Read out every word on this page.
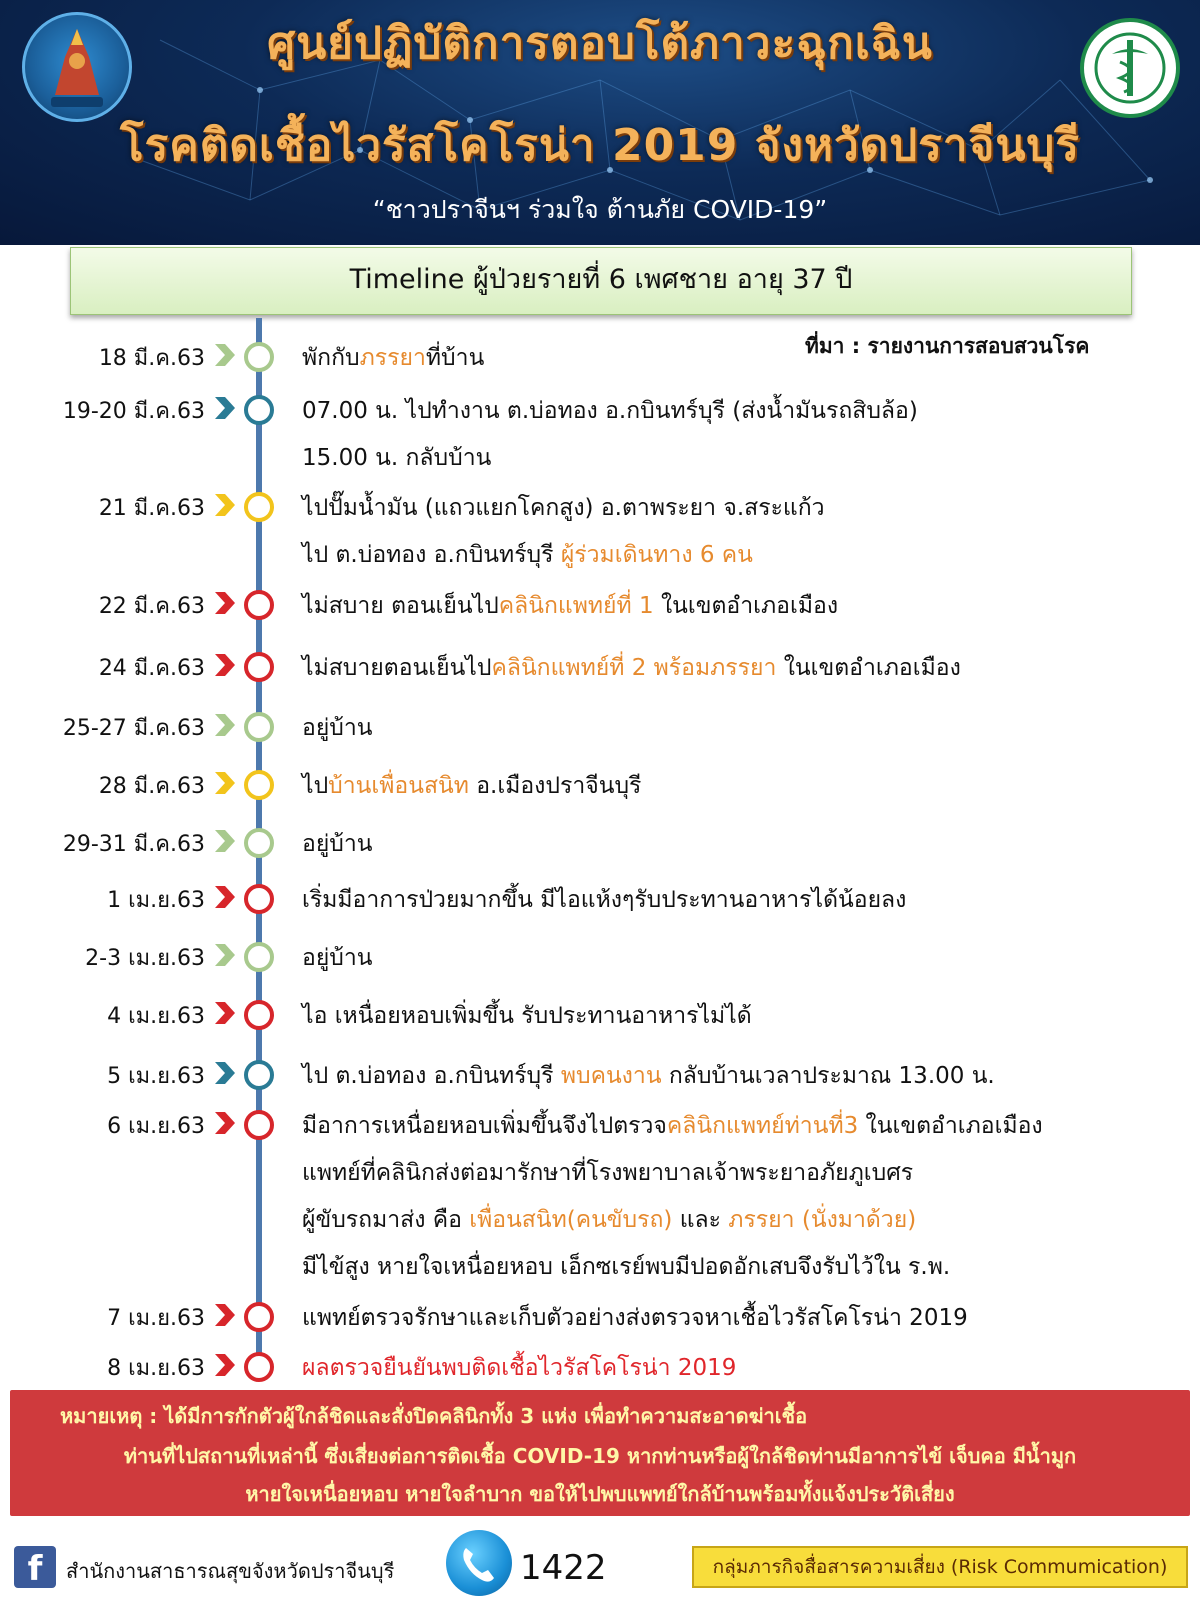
ศูนย์ปฏิบัติการตอบโต้ภาวะฉุกเฉิน
โรคติดเชื้อไวรัสโคโรน่า 2019 จังหวัดปราจีนบุรี
“ชาวปราจีนฯ ร่วมใจ ต้านภัย COVID-19”
Timeline ผู้ป่วยรายที่ 6 เพศชาย อายุ 37 ปี
ที่มา : รายงานการสอบสวนโรค
18 มี.ค.63	พักกับภรรยาที่บ้าน
19-20 มี.ค.63	07.00 น. ไปทำงาน ต.บ่อทอง อ.กบินทร์บุรี (ส่งน้ำมันรถสิบล้อ)
15.00 น. กลับบ้าน
21 มี.ค.63	ไปปั๊มน้ำมัน (แถวแยกโคกสูง) อ.ตาพระยา จ.สระแก้ว
ไป ต.บ่อทอง อ.กบินทร์บุรี ผู้ร่วมเดินทาง 6 คน
22 มี.ค.63	ไม่สบาย ตอนเย็นไปคลินิกแพทย์ที่ 1 ในเขตอำเภอเมือง
24 มี.ค.63	ไม่สบายตอนเย็นไปคลินิกแพทย์ที่ 2 พร้อมภรรยา ในเขตอำเภอเมือง
25-27 มี.ค.63	อยู่บ้าน
28 มี.ค.63	ไปบ้านเพื่อนสนิท อ.เมืองปราจีนบุรี
29-31 มี.ค.63	อยู่บ้าน
1 เม.ย.63	เริ่มมีอาการป่วยมากขึ้น มีไอแห้งๆรับประทานอาหารได้น้อยลง
2-3 เม.ย.63	อยู่บ้าน
4 เม.ย.63	ไอ เหนื่อยหอบเพิ่มขึ้น รับประทานอาหารไม่ได้
5 เม.ย.63	ไป ต.บ่อทอง อ.กบินทร์บุรี พบคนงาน กลับบ้านเวลาประมาณ 13.00 น.
6 เม.ย.63	มีอาการเหนื่อยหอบเพิ่มขึ้นจึงไปตรวจคลินิกแพทย์ท่านที่3 ในเขตอำเภอเมือง
แพทย์ที่คลินิกส่งต่อมารักษาที่โรงพยาบาลเจ้าพระยาอภัยภูเบศร
ผู้ขับรถมาส่ง คือ เพื่อนสนิท(คนขับรถ) และ ภรรยา (นั่งมาด้วย)
มีไข้สูง หายใจเหนื่อยหอบ เอ็กซเรย์พบมีปอดอักเสบจึงรับไว้ใน ร.พ.
7 เม.ย.63	แพทย์ตรวจรักษาและเก็บตัวอย่างส่งตรวจหาเชื้อไวรัสโคโรน่า 2019
8 เม.ย.63	ผลตรวจยืนยันพบติดเชื้อไวรัสโคโรน่า 2019
หมายเหตุ : ได้มีการกักตัวผู้ใกล้ชิดและสั่งปิดคลินิกทั้ง 3 แห่ง เพื่อทำความสะอาดฆ่าเชื้อ
ท่านที่ไปสถานที่เหล่านี้ ซึ่งเสี่ยงต่อการติดเชื้อ COVID-19 หากท่านหรือผู้ใกล้ชิดท่านมีอาการไข้ เจ็บคอ มีน้ำมูก
หายใจเหนื่อยหอบ หายใจลำบาก ขอให้ไปพบแพทย์ใกล้บ้านพร้อมทั้งแจ้งประวัติเสี่ยง
f	สำนักงานสาธารณสุขจังหวัดปราจีนบุรี	1422	กลุ่มภารกิจสื่อสารความเสี่ยง (Risk Commumication)
